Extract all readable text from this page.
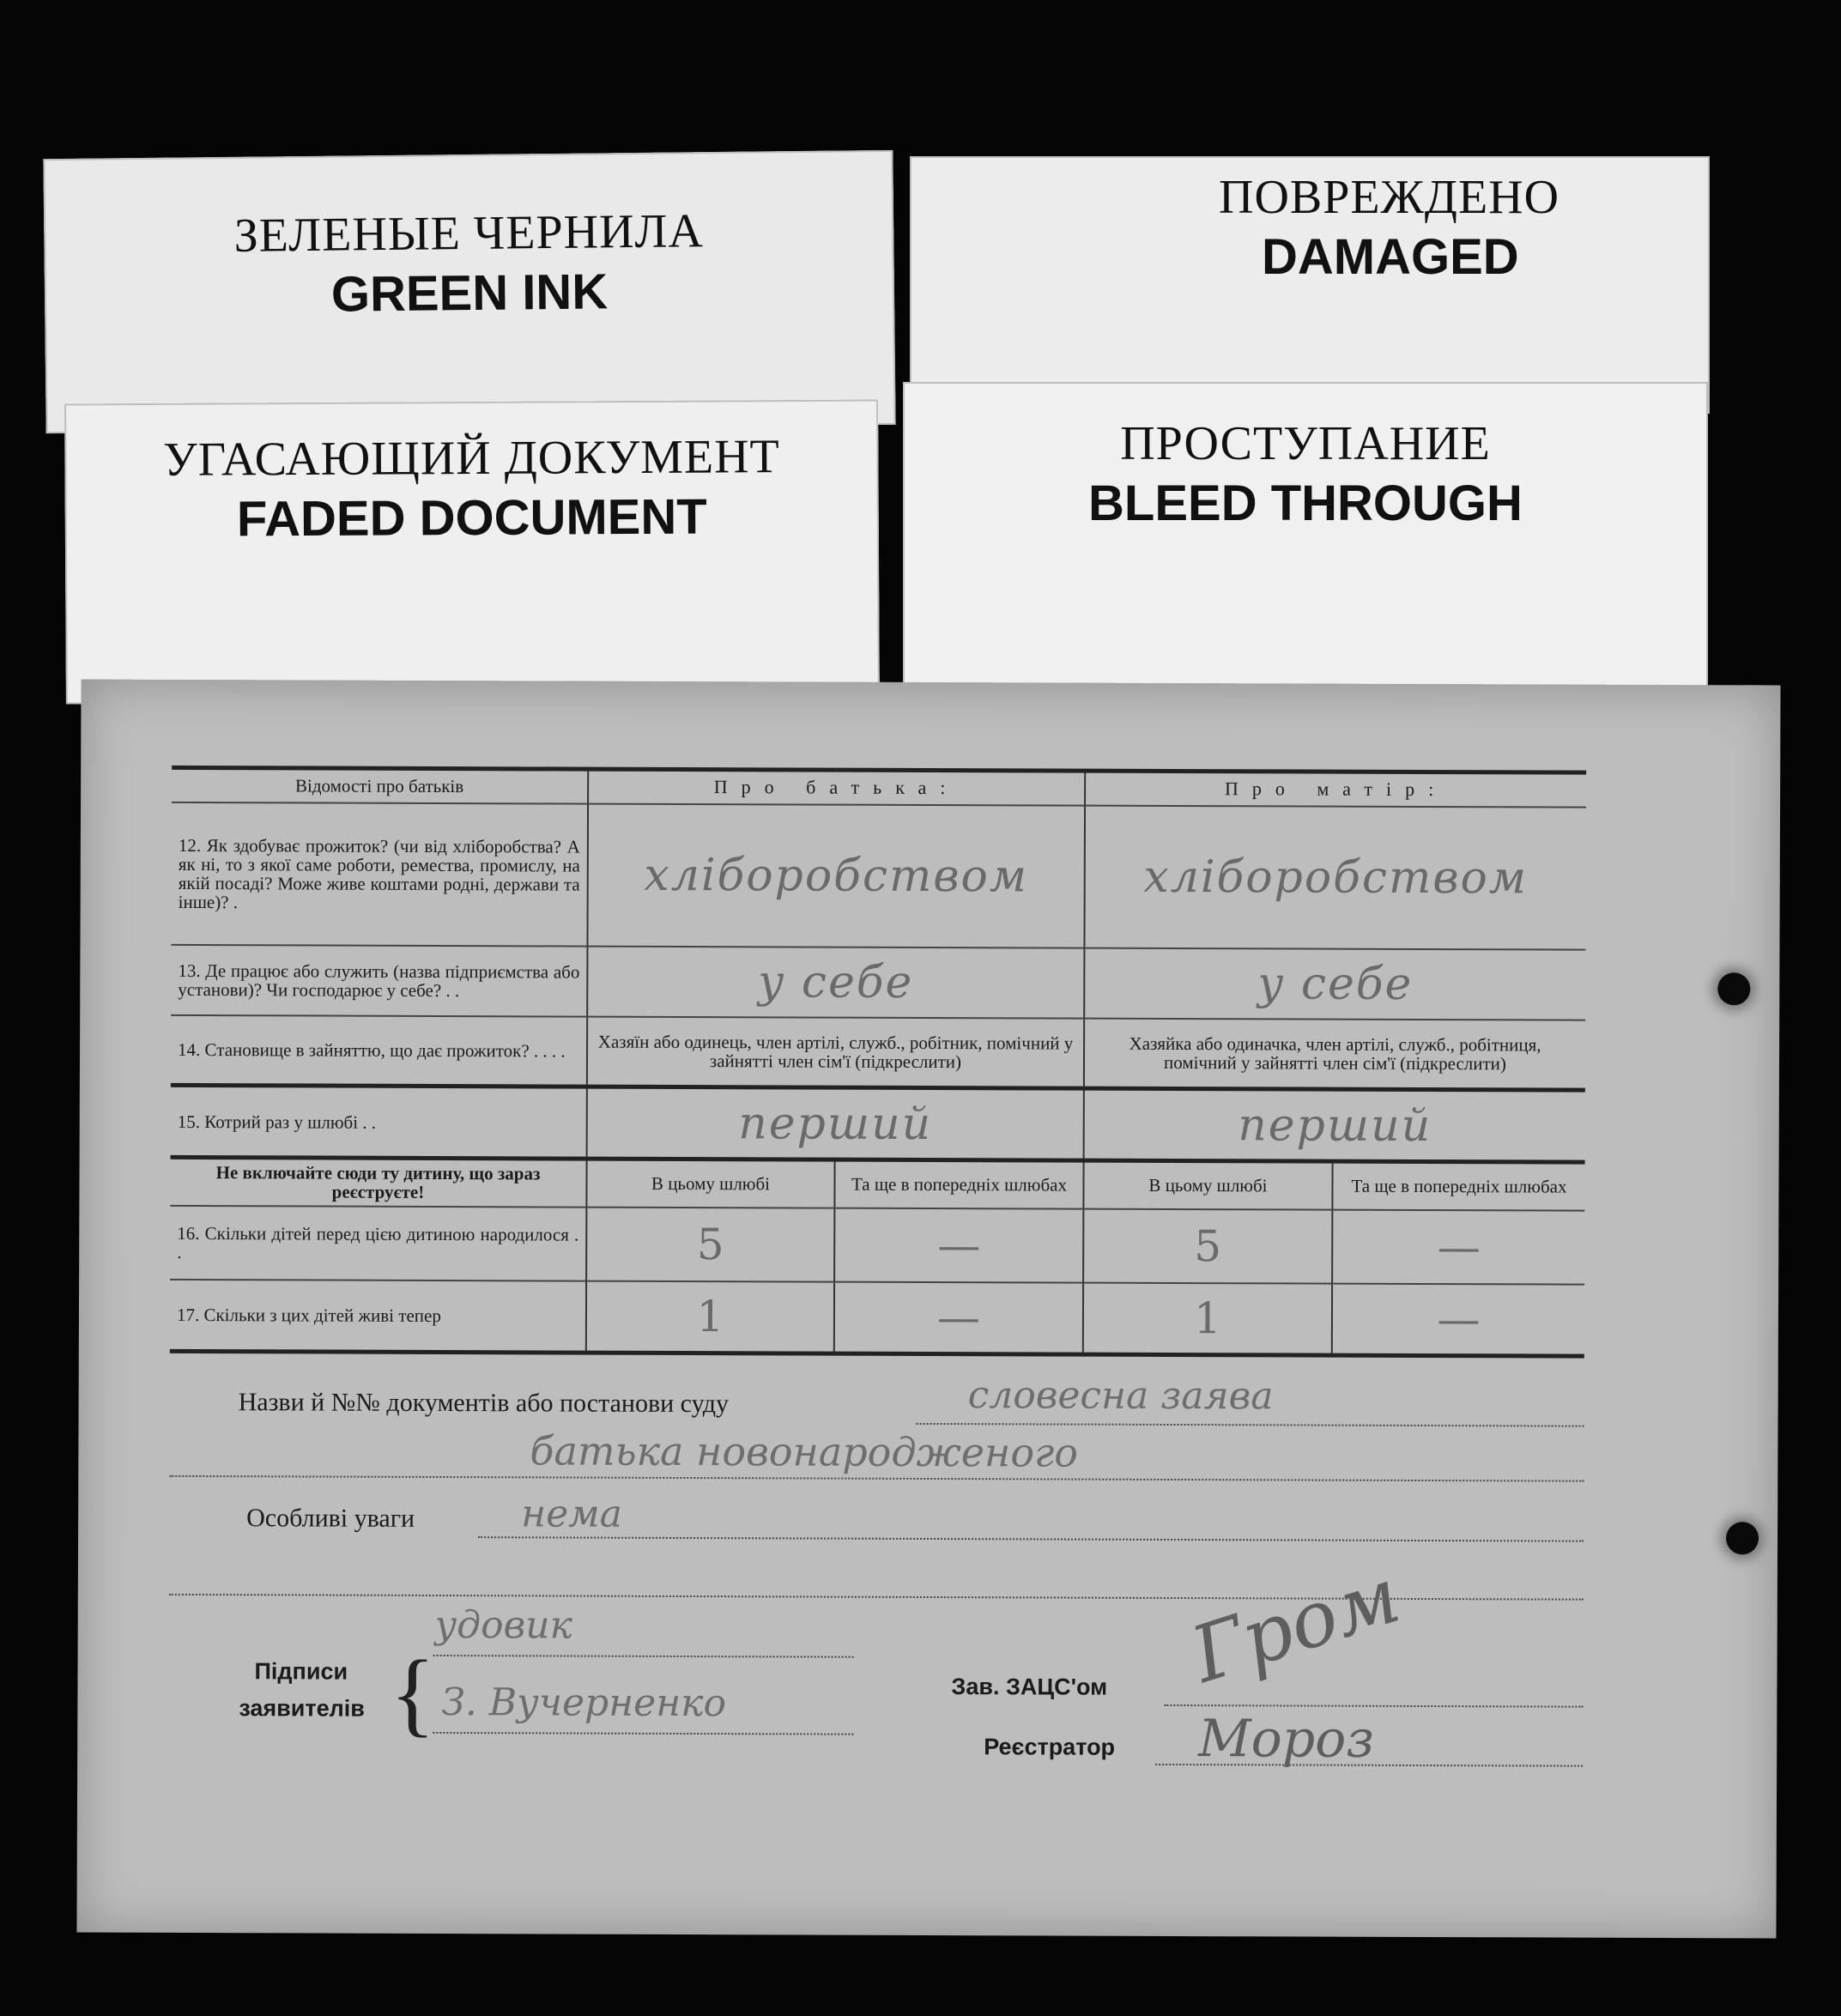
ЗЕЛЕНЫЕ ЧЕРНИЛА
GREEN INK
ПОВРЕЖДЕНО
DAMAGED
УГАСАЮЩИЙ ДОКУМЕНТ
FADED DOCUMENT
ПРОСТУПАНИЕ
BLEED THROUGH
Відомості про батьків	Про батька:		Про матір:	
12. Як здобуває прожиток? (чи від хліборобства? А як ні, то з якої саме роботи, ремества, промислу, на якій посаді? Може живе коштами родні, держави та інше)? .	хліборобством		хліборобством	
13. Де працює або служить (назва підприємства або установи)? Чи господарює у себе? . .	у себе		у себе	
14. Становище в зайняттю, що дає прожиток? . . . .	Хазяїн або одинець, член артілі, служб., робітник, помічний у зайнятті член сім'ї (підкреслити)		Хазяйка або одиначка, член артілі, служб., робітниця, помічний у зайнятті член сім'ї (підкреслити)	
15. Котрий раз у шлюбі . .	перший		перший	
Не включайте сюди ту дитину, що зараз реєструєте!	В цьому шлюбі	Та ще в попередніх шлюбах	В цьому шлюбі	Та ще в попередніх шлюбах
16. Скільки дітей перед цією дитиною народилося . .	5	—	5	—
17. Скільки з цих дітей живі тепер	1	—	1	—
Назви й №№ документів або постанови суду	словесна заява
батька новонародженого
Особливі уваги	нема
Підписи
заявителів {
удовик
З. Вучерненко	Зав. ЗАЦС'ом Гром
Реєстратор Мороз
